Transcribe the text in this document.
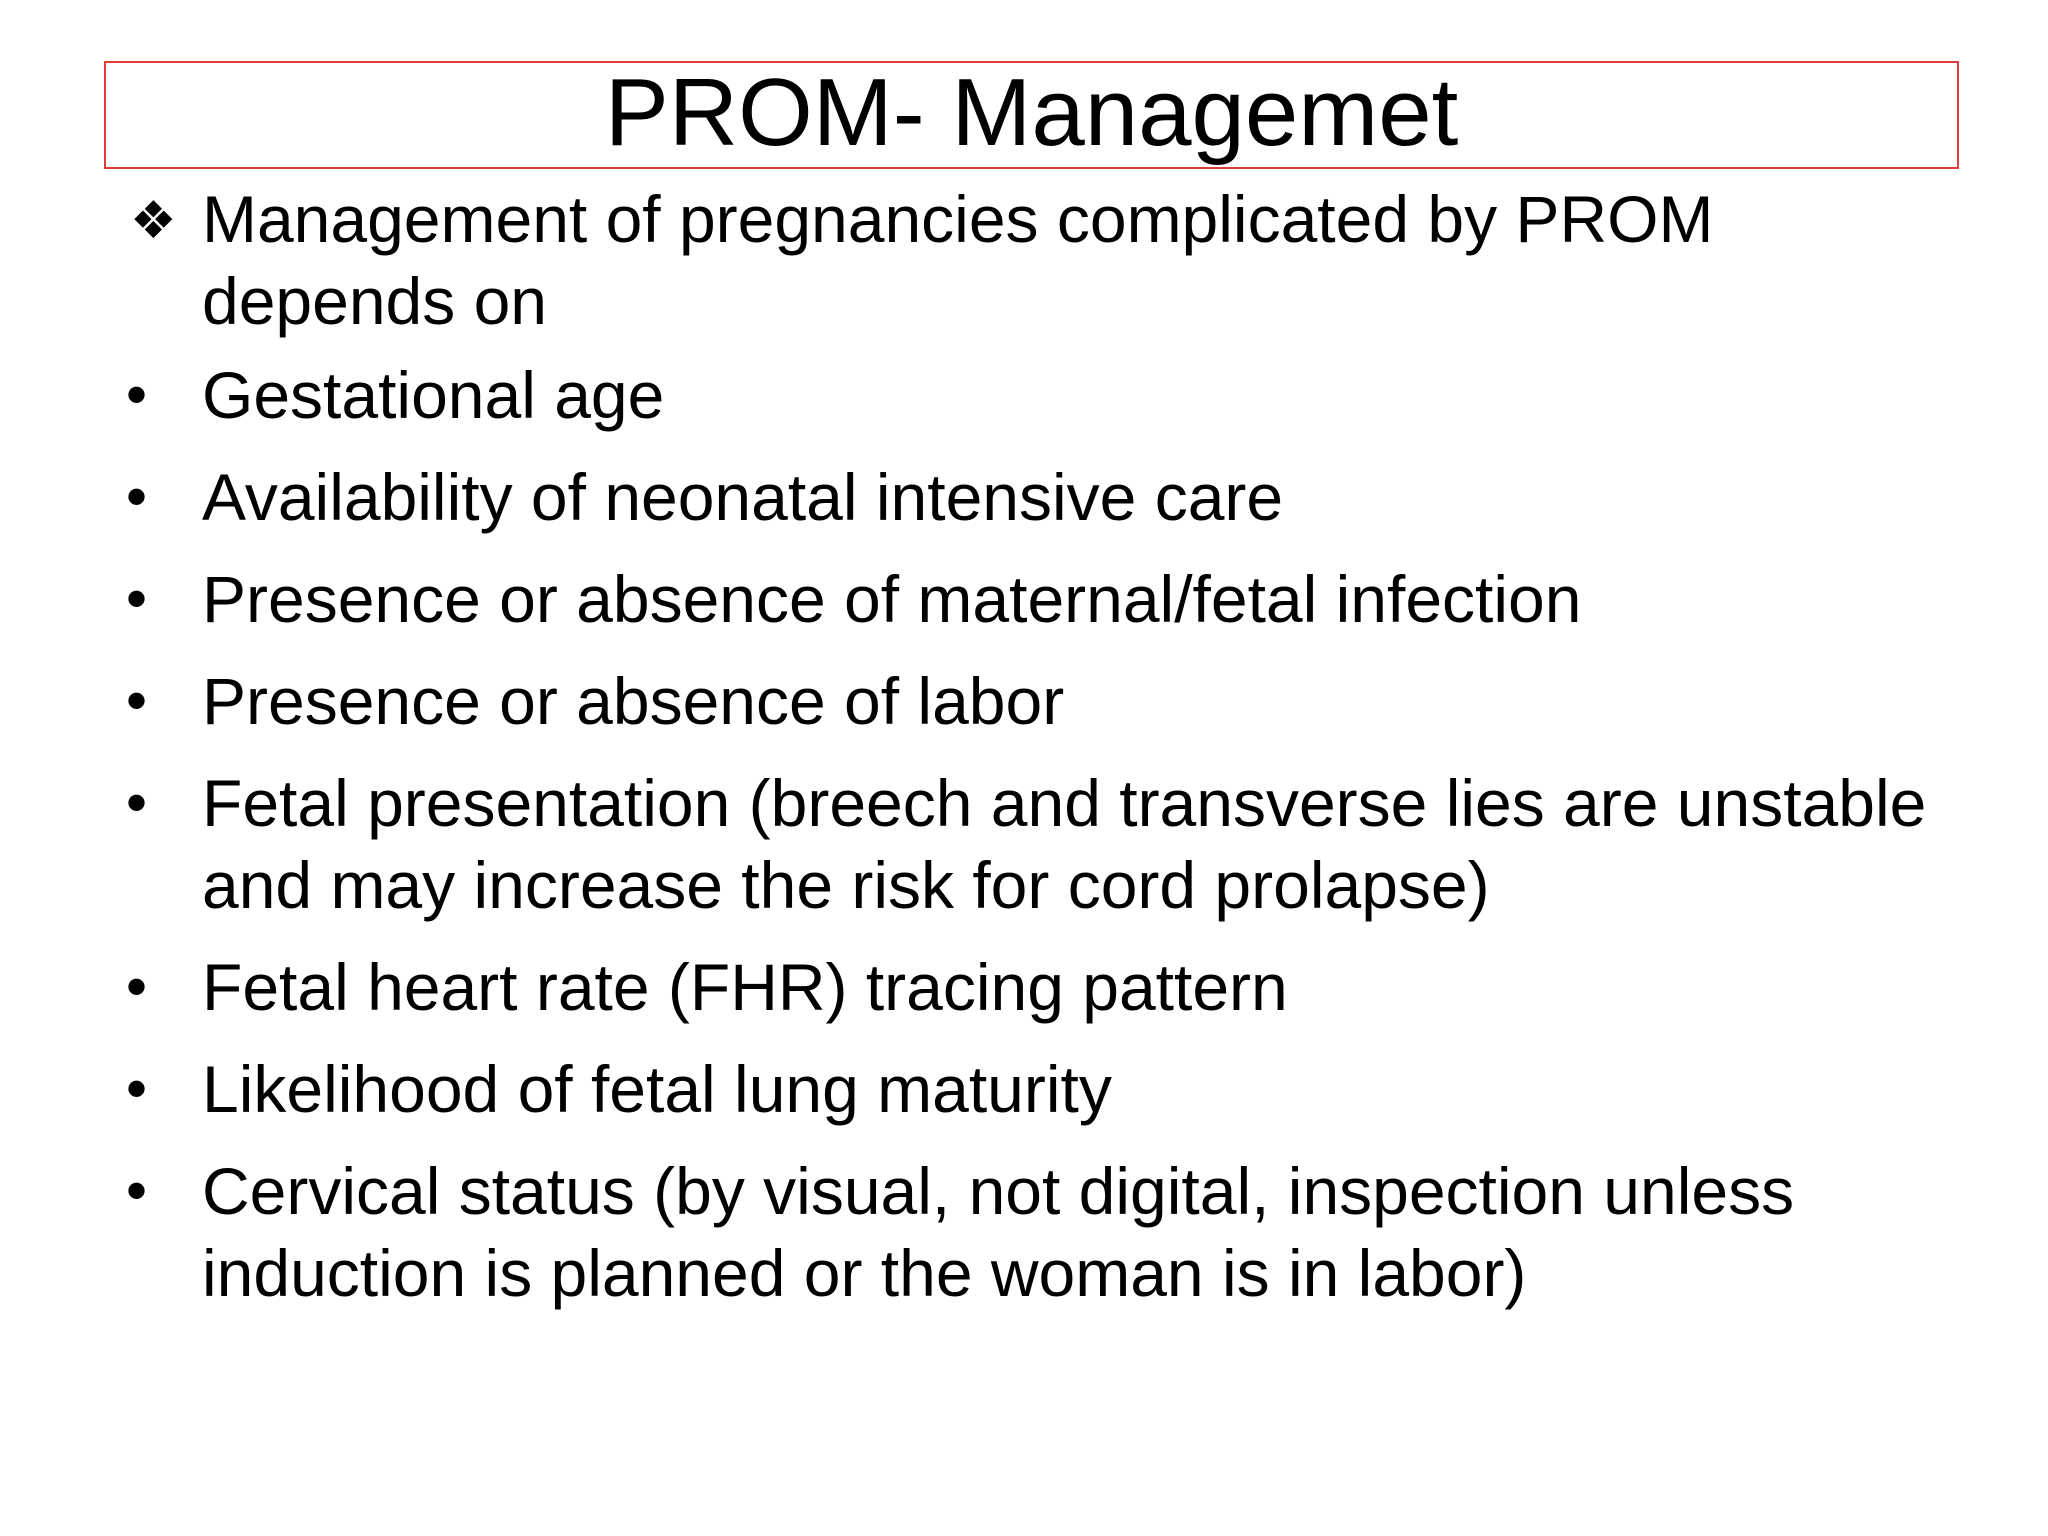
PROM- Managemet
❖ Management of pregnancies complicated by PROM depends on
• Gestational age
• Availability of neonatal intensive care
• Presence or absence of maternal/fetal infection
• Presence or absence of labor
• Fetal presentation (breech and transverse lies are unstable and may increase the risk for cord prolapse)
• Fetal heart rate (FHR) tracing pattern
• Likelihood of fetal lung maturity
• Cervical status (by visual, not digital, inspection unless induction is planned or the woman is in labor)
